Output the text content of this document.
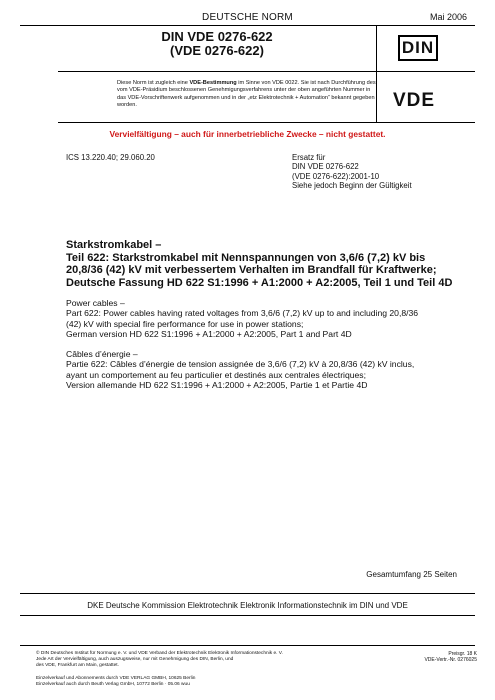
DEUTSCHE NORM	Mai 2006
DIN VDE 0276-622
(VDE 0276-622)	DIN
VDE
Diese Norm ist zugleich eine VDE-Bestimmung im Sinne von VDE 0022. Sie ist nach Durchführung des vom VDE-Präsidium beschlossenen Genehmigungsverfahrens unter der oben angeführten Nummer in das VDE-Vorschriftenwerk aufgenommen und in der „etz Elektrotechnik + Automation“ bekannt gegeben worden.
Vervielfältigung – auch für innerbetriebliche Zwecke – nicht gestattet.
ICS 13.220.40; 29.060.20	Ersatz für
DIN VDE 0276-622
(VDE 0276-622):2001-10
Siehe jedoch Beginn der Gültigkeit
Starkstromkabel –
Teil 622: Starkstromkabel mit Nennspannungen von 3,6/6 (7,2) kV bis
20,8/36 (42) kV mit verbessertem Verhalten im Brandfall für Kraftwerke;
Deutsche Fassung HD 622 S1:1996 + A1:2000 + A2:2005, Teil 1 und Teil 4D
Power cables –
Part 622: Power cables having rated voltages from 3,6/6 (7,2) kV up to and including 20,8/36
(42) kV with special fire performance for use in power stations;
German version HD 622 S1:1996 + A1:2000 + A2:2005, Part 1 and Part 4D
Câbles d’énergie –
Partie 622: Câbles d’énergie de tension assignée de 3,6/6 (7,2) kV à 20,8/36 (42) kV inclus,
ayant un comportement au feu particulier et destinés aux centrales électriques;
Version allemande HD 622 S1:1996 + A1:2000 + A2:2005, Partie 1 et Partie 4D
Gesamtumfang 25 Seiten
DKE Deutsche Kommission Elektrotechnik Elektronik Informationstechnik im DIN und VDE
© DIN Deutsches Institut für Normung e. V. und VDE Verband der Elektrotechnik Elektronik Informationstechnik e. V.
Jede Art der Vervielfältigung, auch auszugsweise, nur mit Genehmigung des DIN, Berlin, und
des VDE, Frankfurt am Main, gestattet.
Einzelverkauf und Abonnements durch VDE VERLAG GMBH, 10625 Berlin
Einzelverkauf auch durch Beuth Verlag GmbH, 10772 Berlin · 05.06 wuu
Preisgr. 18 K
VDE-Vertr.-Nr. 0276025
